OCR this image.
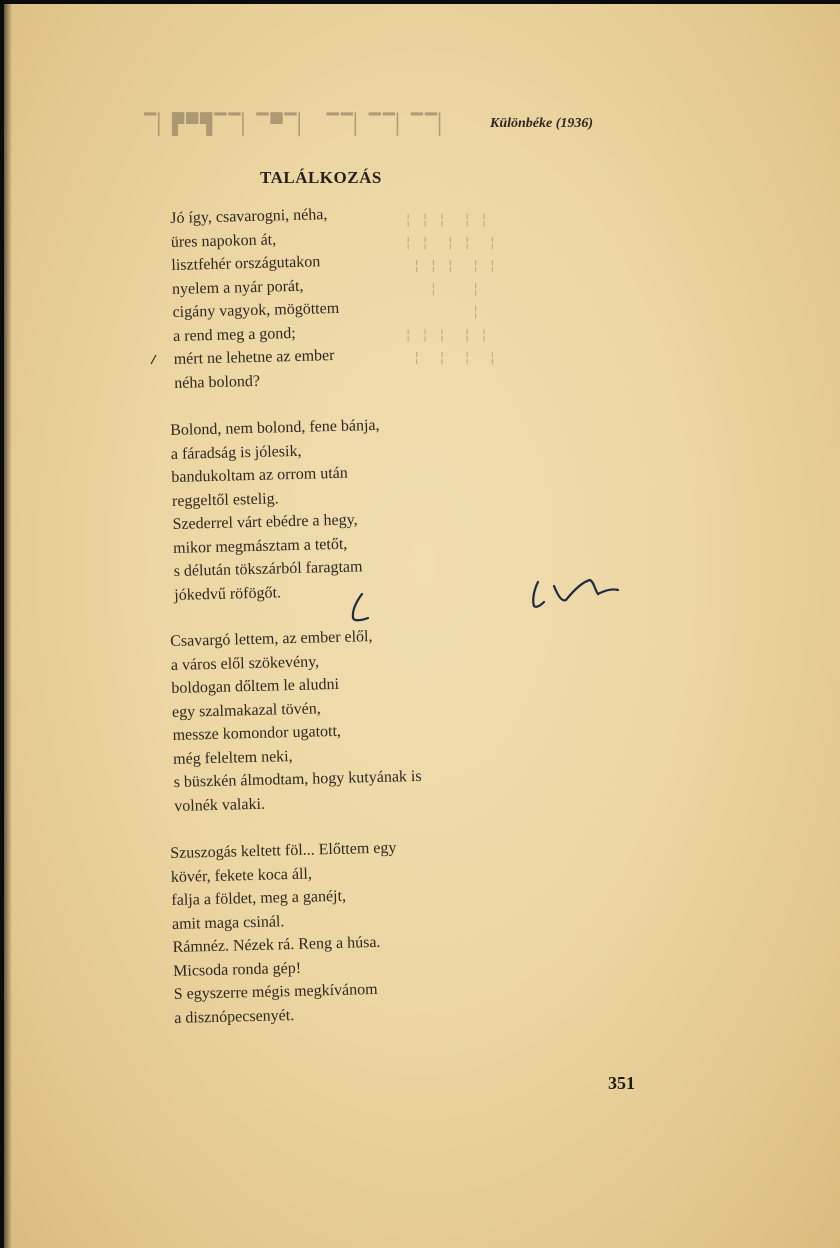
▔▏▛▀▜▔▔▏▔▀▔▏ ▔▔▏▔▔▏▔▔▏
¦ ¦ ¦  ¦ ¦
¦ ¦  ¦ ¦  ¦
¦ ¦ ¦  ¦ ¦
¦    ¦
¦
¦ ¦ ¦  ¦ ¦
¦  ¦  ¦  ¦
Különbéke (1936)
TALÁLKOZÁS
Jó így, csavarogni, néha,
üres napokon át,
lisztfehér országutakon
nyelem a nyár porát,
cigány vagyok, mögöttem
a rend meg a gond;
mért ne lehetne az ember
néha bolond?
Bolond, nem bolond, fene bánja,
a fáradság is jólesik,
bandukoltam az orrom után
reggeltől estelig.
Szederrel várt ebédre a hegy,
mikor megmásztam a tetőt,
s délután tökszárból faragtam
jókedvű röfögőt.
Csavargó lettem, az ember elől,
a város elől szökevény,
boldogan dőltem le aludni
egy szalmakazal tövén,
messze komondor ugatott,
még feleltem neki,
s büszkén álmodtam, hogy kutyának is
volnék valaki.
Szuszogás keltett föl... Előttem egy
kövér, fekete koca áll,
falja a földet, meg a ganéjt,
amit maga csinál.
Rámnéz. Nézek rá. Reng a húsa.
Micsoda ronda gép!
S egyszerre mégis megkívánom
a disznópecsenyét.
351
